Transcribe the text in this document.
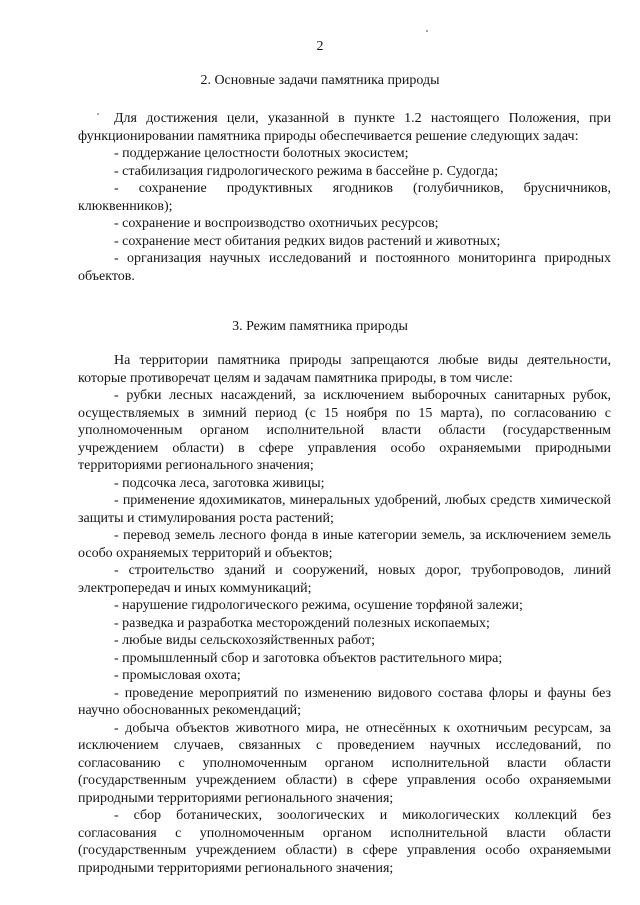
2
2. Основные задачи памятника природы

Для достижения цели, указанной в пункте 1.2 настоящего Положения, при функционировании памятника природы обеспечивается решение следующих задач:

- поддержание целостности болотных экосистем;

- стабилизация гидрологического режима в бассейне р. Судогда;

- сохранение продуктивных ягодников (голубичников, брусничников, клюквенников);

- сохранение и воспроизводство охотничьих ресурсов;

- сохранение мест обитания редких видов растений и животных;

- организация научных исследований и постоянного мониторинга природных объектов.

3. Режим памятника природы

На территории памятника природы запрещаются любые виды деятельности, которые противоречат целям и задачам памятника природы, в том числе:

- рубки лесных насаждений, за исключением выборочных санитарных рубок, осуществляемых в зимний период (с 15 ноября по 15 марта), по согласованию с уполномоченным органом исполнительной власти области (государственным учреждением области) в сфере управления особо охраняемыми природными территориями регионального значения;

- подсочка леса, заготовка живицы;

- применение ядохимикатов, минеральных удобрений, любых средств химической защиты и стимулирования роста растений;

- перевод земель лесного фонда в иные категории земель, за исключением земель особо охраняемых территорий и объектов;

- строительство зданий и сооружений, новых дорог, трубопроводов, линий электропередач и иных коммуникаций;

- нарушение гидрологического режима, осушение торфяной залежи;

- разведка и разработка месторождений полезных ископаемых;

- любые виды сельскохозяйственных работ;

- промышленный сбор и заготовка объектов растительного мира;

- промысловая охота;

- проведение мероприятий по изменению видового состава флоры и фауны без научно обоснованных рекомендаций;

- добыча объектов животного мира, не отнесённых к охотничьим ресурсам, за исключением случаев, связанных с проведением научных исследований, по согласованию с уполномоченным органом исполнительной власти области (государственным учреждением области) в сфере управления особо охраняемыми природными территориями регионального значения;

- сбор ботанических, зоологических и микологических коллекций без согласования с уполномоченным органом исполнительной власти области (государственным учреждением области) в сфере управления особо охраняемыми природными территориями регионального значения;
